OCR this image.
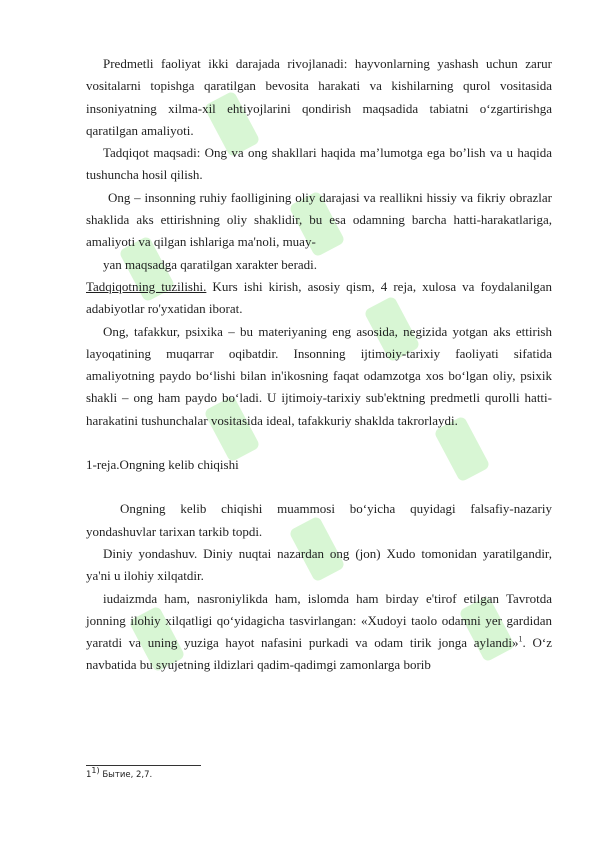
Predmetli faoliyat ikki darajada rivojlanadi: hayvonlarning yashash uchun zarur vositalarni topishga qaratilgan bevosita harakati va kishilarning qurol vositasida insoniyatning xilma-xil ehtiyojlarini qondirish maqsadida tabiatni o‘zgartirishga qaratilgan amaliyoti.

Tadqiqot maqsadi: Ong va ong shakllari haqida ma’lumotga ega bo’lish va u haqida tushuncha hosil qilish.

Ong – insonning ruhiy faolligining oliy darajasi va reallikni hissiy va fikriy obrazlar shaklida aks ettirishning oliy shaklidir, bu esa odamning barcha hatti-harakatlariga, amaliyoti va qilgan ishlariga ma'noli, muay-

yan maqsadga qaratilgan xarakter beradi.

Tadqiqotning tuzilishi. Kurs ishi kirish, asosiy qism, 4 reja, xulosa va foydalanilgan adabiyotlar ro'yxatidan iborat.

Ong, tafakkur, psixika – bu materiyaning eng asosida, negizida yotgan aks ettirish layoqatining muqarrar oqibatdir. Insonning ijtimoiy-tarixiy faoliyati sifatida amaliyotning paydo bo‘lishi bilan in'ikosning faqat odamzotga xos bo‘lgan oliy, psixik shakli – ong ham paydo bo‘ladi. U ijtimoiy-tarixiy sub'ektning predmetli qurolli hatti-harakatini tushunchalar vositasida ideal, tafakkuriy shaklda takrorlaydi.

1-reja.Ongning kelib chiqishi

Ongning kelib chiqishi muammosi bo‘yicha quyidagi falsafiy-nazariy yondashuvlar tarixan tarkib topdi.

Diniy yondashuv. Diniy nuqtai nazardan ong (jon) Xudo tomonidan yaratilgandir, ya'ni u ilohiy xilqatdir.

iudaizmda ham, nasroniylikda ham, islomda ham birday e'tirof etilgan Tavrotda jonning ilohiy xilqatligi qo‘yidagicha tasvirlangan: «Xudoyi taolo odamni yer gardidan yaratdi va uning yuziga hayot nafasini purkadi va odam tirik jonga aylandi»$^1$. O‘z navbatida bu syujetning ildizlari qadim-qadimgi zamonlarga borib

1$^{1)}$ Бытие, 2,7.
